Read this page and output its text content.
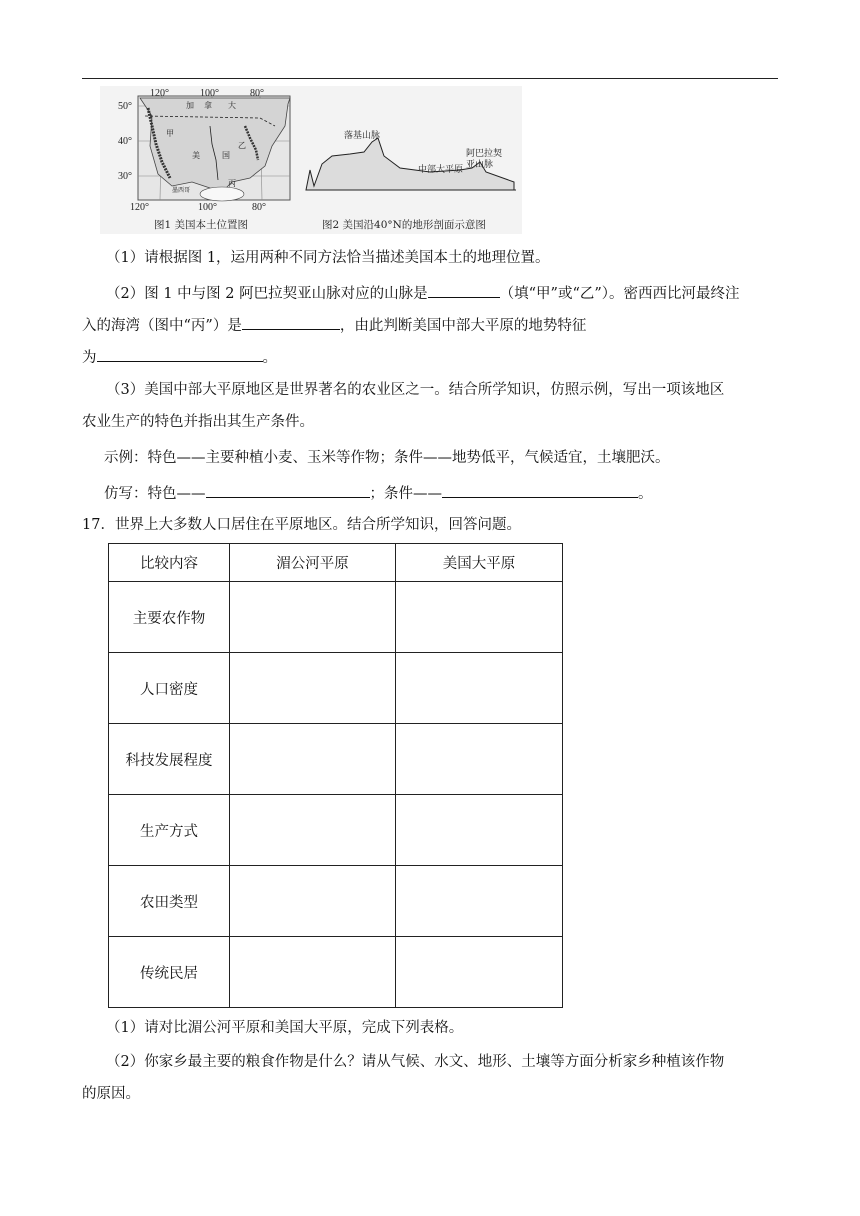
50°
40°
30°
120°	100°	80°
120°	100°	80°
加 拿 大
甲
乙
美	国
丙
墨西哥
落基山脉
中部大平原
阿巴拉契
亚山脉
图1 美国本土位置图	图2 美国沿40°N的地形剖面示意图
（1）请根据图 1，运用两种不同方法恰当描述美国本土的地理位置。
（2）图 1 中与图 2 阿巴拉契亚山脉对应的山脉是	（填“甲”或“乙”）。密西西比河最终注
入的海湾（图中“丙”）是	，由此判断美国中部大平原的地势特征
为	。
（3）美国中部大平原地区是世界著名的农业区之一。结合所学知识，仿照示例，写出一项该地区
农业生产的特色并指出其生产条件。
示例：特色——主要种植小麦、玉米等作物；条件——地势低平，气候适宜，土壤肥沃。
仿写：特色——	；条件——	。
17．世界上大多数人口居住在平原地区。结合所学知识，回答问题。
比较内容	湄公河平原	美国大平原
主要农作物		
人口密度		
科技发展程度		
生产方式		
农田类型		
传统民居		
（1）请对比湄公河平原和美国大平原，完成下列表格。
（2）你家乡最主要的粮食作物是什么？请从气候、水文、地形、土壤等方面分析家乡种植该作物
的原因。
